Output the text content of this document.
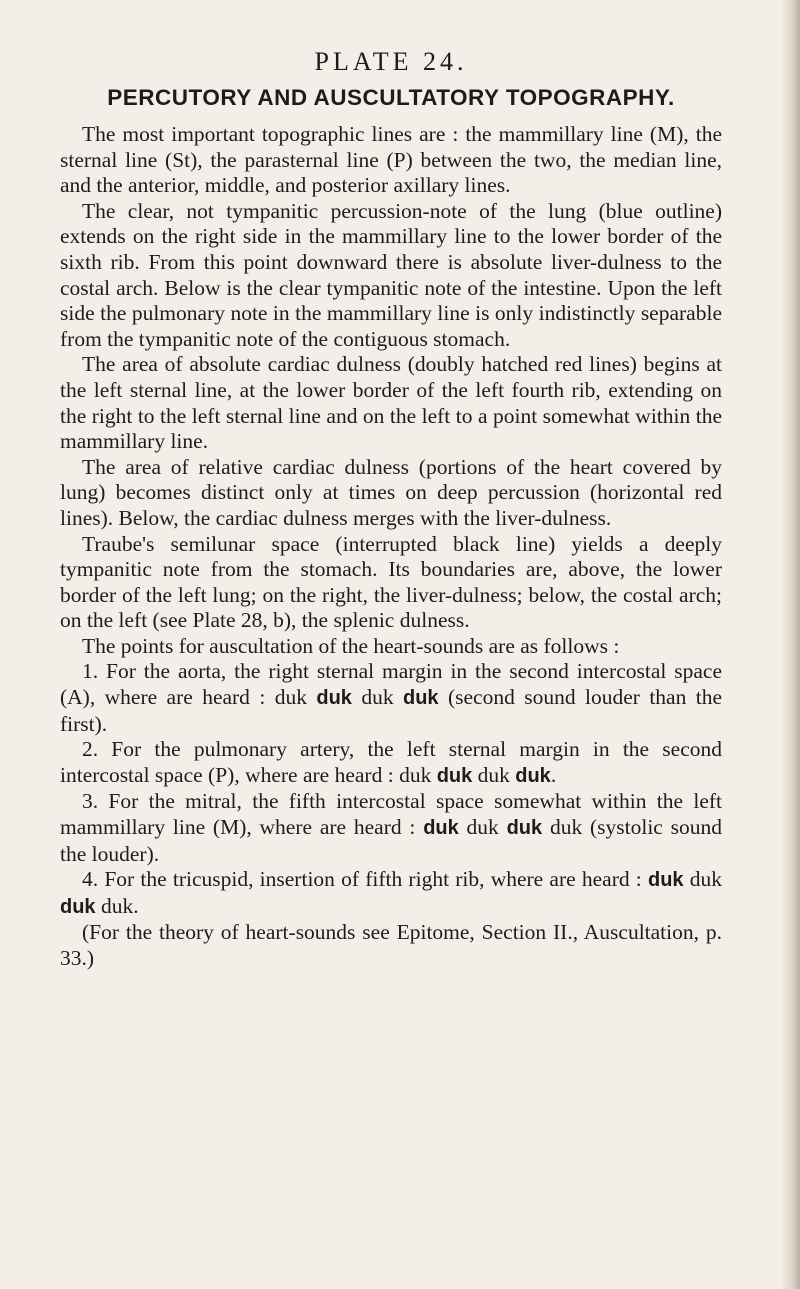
PLATE 24.
PERCUTORY AND AUSCULTATORY TOPOGRAPHY.

The most important topographic lines are : the mammillary line (M), the sternal line (St), the parasternal line (P) between the two, the median line, and the anterior, middle, and posterior axillary lines.

The clear, not tympanitic percussion-note of the lung (blue outline) extends on the right side in the mammillary line to the lower border of the sixth rib. From this point downward there is absolute liver-dulness to the costal arch. Below is the clear tympanitic note of the intestine. Upon the left side the pulmonary note in the mammillary line is only indistinctly separable from the tympanitic note of the contiguous stomach.

The area of absolute cardiac dulness (doubly hatched red lines) begins at the left sternal line, at the lower border of the left fourth rib, extending on the right to the left sternal line and on the left to a point somewhat within the mammillary line.

The area of relative cardiac dulness (portions of the heart covered by lung) becomes distinct only at times on deep percussion (horizontal red lines). Below, the cardiac dulness merges with the liver-dulness.

Traube's semilunar space (interrupted black line) yields a deeply tympanitic note from the stomach. Its boundaries are, above, the lower border of the left lung; on the right, the liver-dulness; below, the costal arch; on the left (see Plate 28, b), the splenic dulness.

The points for auscultation of the heart-sounds are as follows :

1. For the aorta, the right sternal margin in the second intercostal space (A), where are heard : duk duk duk duk (second sound louder than the first).

2. For the pulmonary artery, the left sternal margin in the second intercostal space (P), where are heard : duk duk duk duk.

3. For the mitral, the fifth intercostal space somewhat within the left mammillary line (M), where are heard : duk duk duk duk (systolic sound the louder).

4. For the tricuspid, insertion of fifth right rib, where are heard : duk duk duk duk.

(For the theory of heart-sounds see Epitome, Section II., Auscultation, p. 33.)
